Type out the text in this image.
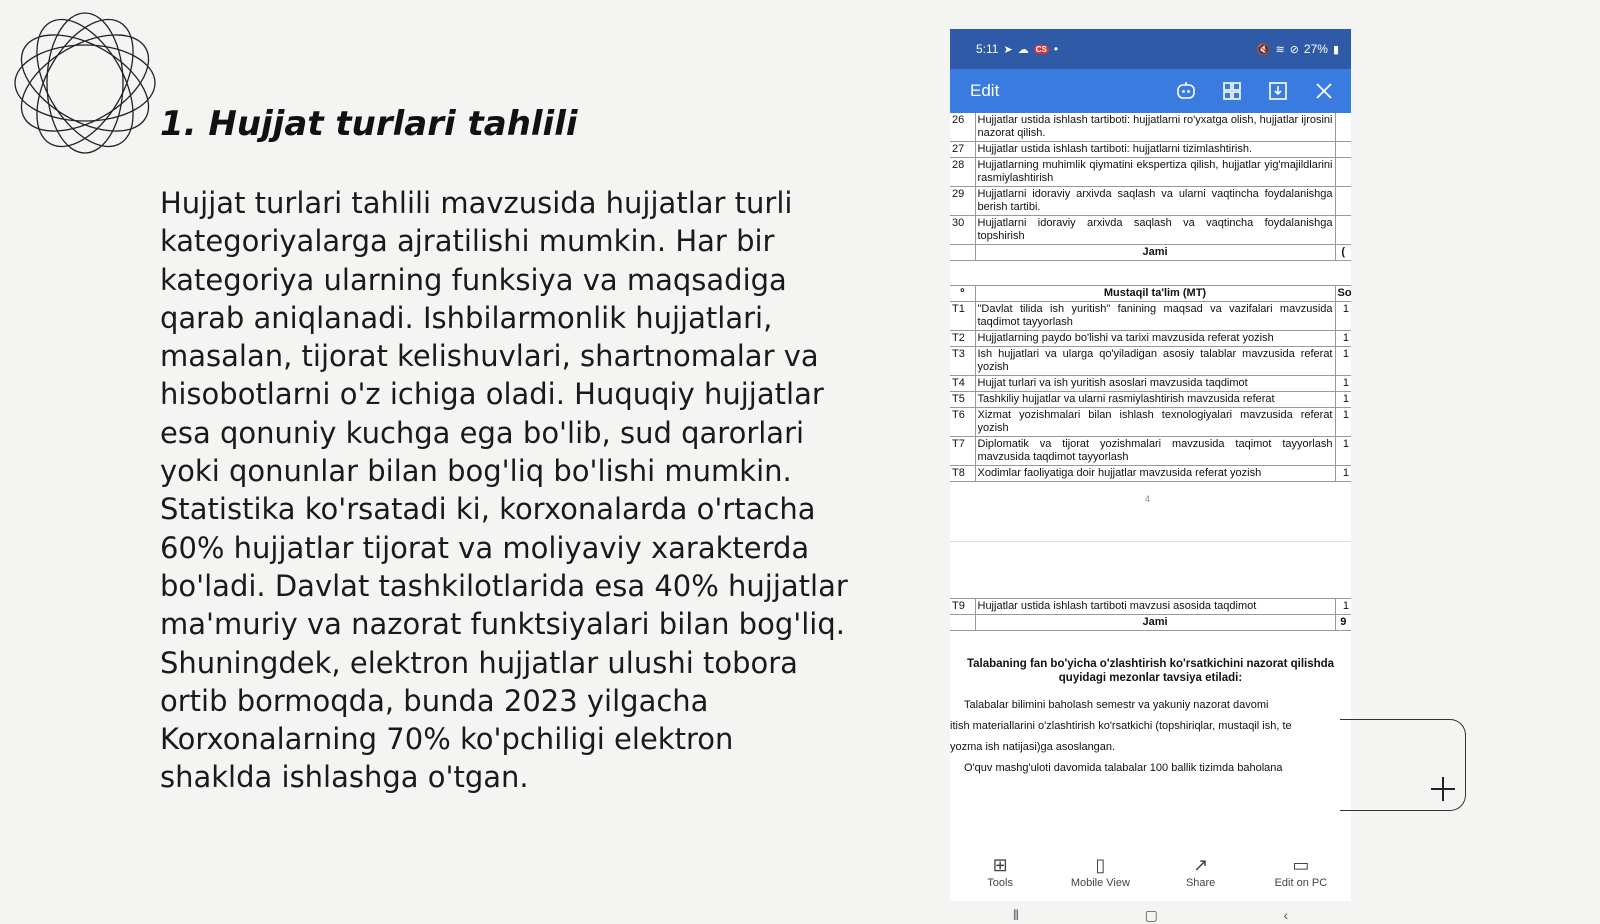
1. Hujjat turlari tahlili

Hujjat turlari tahlili mavzusida hujjatlar turli kategoriyalarga ajratilishi mumkin. Har bir kategoriya ularning funksiya va maqsadiga qarab aniqlanadi. Ishbilarmonlik hujjatlari, masalan, tijorat kelishuvlari, shartnomalar va hisobotlarni o'z ichiga oladi. Huquqiy hujjatlar esa qonuniy kuchga ega bo'lib, sud qarorlari yoki qonunlar bilan bog'liq bo'lishi mumkin. Statistika ko'rsatadi ki, korxonalarda o'rtacha 60% hujjatlar tijorat va moliyaviy xarakterda bo'ladi. Davlat tashkilotlarida esa 40% hujjatlar ma'muriy va nazorat funktsiyalari bilan bog'liq. Shuningdek, elektron hujjatlar ulushi tobora ortib bormoqda, bunda 2023 yilgacha Korxonalarning 70% ko'pchiligi elektron shaklda ishlashga o'tgan.

5:11 ➤ ☁ CS •	🔇 ≋ ⊘ 27% ▮
Edit
26	Hujjatlar ustida ishlash tartiboti: hujjatlarni ro'yxatga olish, hujjatlar ijrosini nazorat qilish.	
27	Hujjatlar ustida ishlash tartiboti: hujjatlarni tizimlashtirish.	
28	Hujjatlarning muhimlik qiymatini ekspertiza qilish, hujjatlar yig'majildlarini rasmiylashtirish	
29	Hujjatlarni idoraviy arxivda saqlash va ularni vaqtincha foydalanishga berish tartibi.	
30	Hujjatlarni idoraviy arxivda saqlash va vaqtincha foydalanishga topshirish	
	Jami	(
º	Mustaqil ta'lim (MT)	So
T1	"Davlat tilida ish yuritish" fanining maqsad va vazifalari mavzusida taqdimot tayyorlash	1
T2	Hujjatlarning paydo bo'lishi va tarixi mavzusida referat yozish	1
T3	Ish hujjatlari va ularga qo'yiladigan asosiy talablar mavzusida referat yozish	1
T4	Hujjat turlari va ish yuritish asoslari mavzusida taqdimot	1
T5	Tashkiliy hujjatlar va ularni rasmiylashtirish mavzusida referat	1
T6	Xizmat yozishmalari bilan ishlash texnologiyalari mavzusida referat yozish	1
T7	Diplomatik va tijorat yozishmalari mavzusida taqimot tayyorlash mavzusida taqdimot tayyorlash	1
T8	Xodimlar faoliyatiga doir hujjatlar mavzusida referat yozish	1
4
T9	Hujjatlar ustida ishlash tartiboti mavzusi asosida taqdimot	1
	Jami	9

Talabaning fan bo'yicha o'zlashtirish ko'rsatkichini nazorat qilishda quyidagi mezonlar tavsiya etiladi:

Talabalar bilimini baholash semestr va yakuniy nazorat davomi

itish materiallarini o'zlashtirish ko'rsatkichi (topshiriqlar, mustaqil ish, te

yozma ish natijasi)ga asoslangan.

O'quv mashg'uloti davomida talabalar 100 ballik tizimda baholana

⊞
Tools
▯
Mobile View
↗
Share
▭
Edit on PC
⦀	▢	‹
